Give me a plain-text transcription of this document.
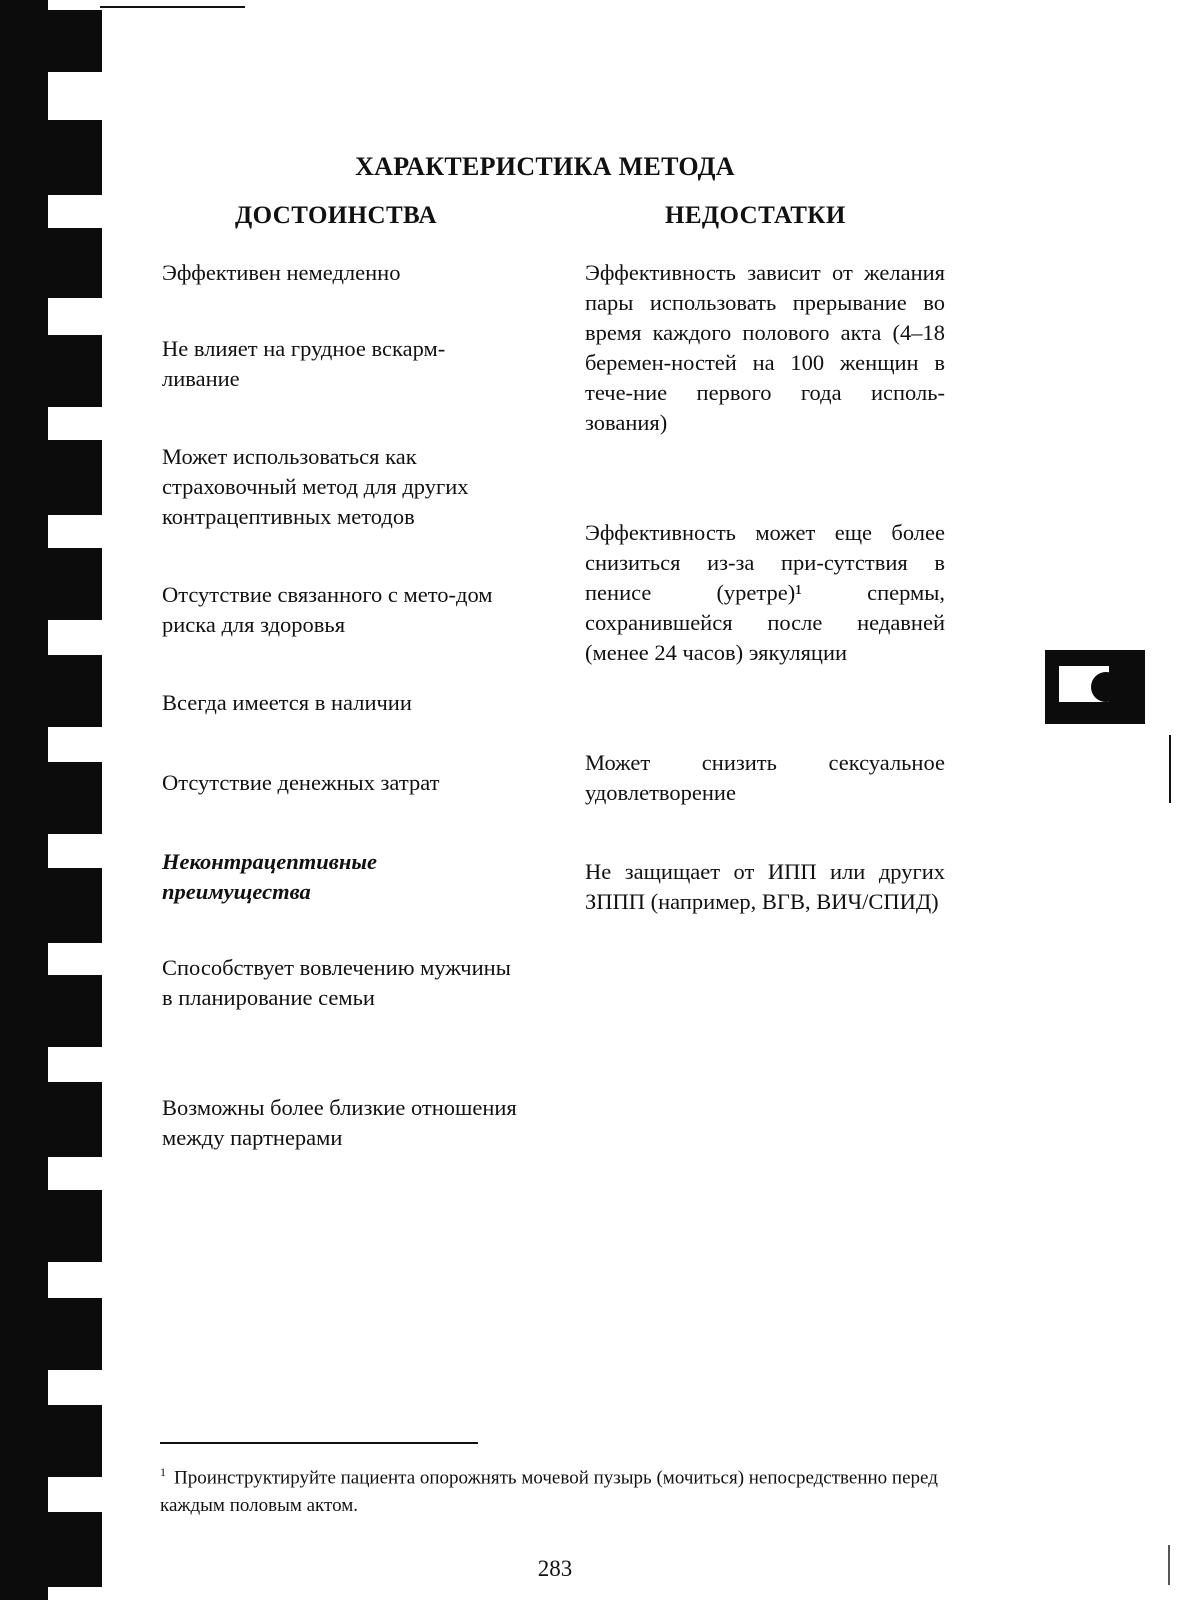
ХАРАКТЕРИСТИКА МЕТОДА
ДОСТОИНСТВА	НЕДОСТАТКИ
Эффективен немедленно
Не влияет на грудное вскарм-ливание
Может использоваться как страховочный метод для других контрацептивных методов
Отсутствие связанного с мето-дом риска для здоровья
Всегда имеется в наличии
Отсутствие денежных затрат
Неконтрацептивные преимущества
Способствует вовлечению мужчины в планирование семьи
Возможны более близкие отношения между партнерами
Эффективность зависит от желания пары использовать прерывание во время каждого полового акта (4–18 беремен-ностей на 100 женщин в тече-ние первого года исполь-зования)
Эффективность может еще более снизиться из-за при-сутствия в пенисе (уретре)¹ спермы, сохранившейся после недавней (менее 24 часов) эякуляции
Может снизить сексуальное удовлетворение
Не защищает от ИПП или других ЗППП (например, ВГВ, ВИЧ/СПИД)
$^1$ Проинструктируйте пациента опорожнять мочевой пузырь (мочиться) непосредственно перед каждым половым актом.
283
